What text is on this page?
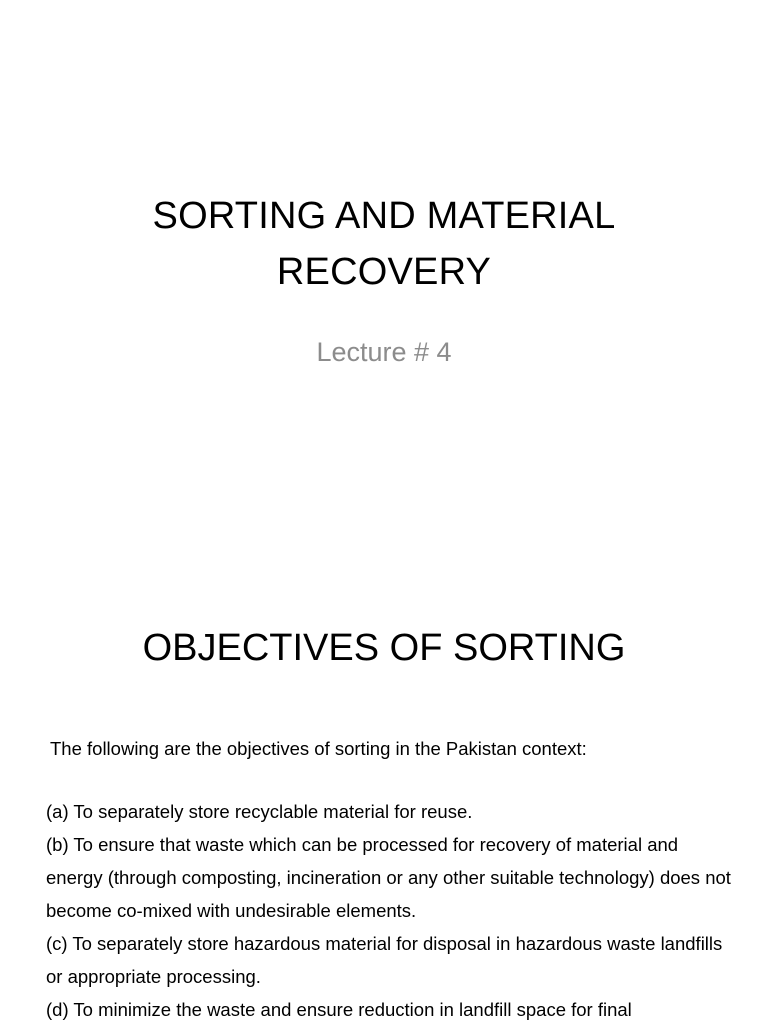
SORTING AND MATERIAL
RECOVERY
Lecture # 4
OBJECTIVES OF SORTING

The following are the objectives of sorting in the Pakistan context:

(a) To separately store recyclable material for reuse.

(b) To ensure that waste which can be processed for recovery of material and energy (through composting, incineration or any other suitable technology) does not become co-mixed with undesirable elements.

(c) To separately store hazardous material for disposal in hazardous waste landfills or appropriate processing.

(d) To minimize the waste and ensure reduction in landfill space for final
